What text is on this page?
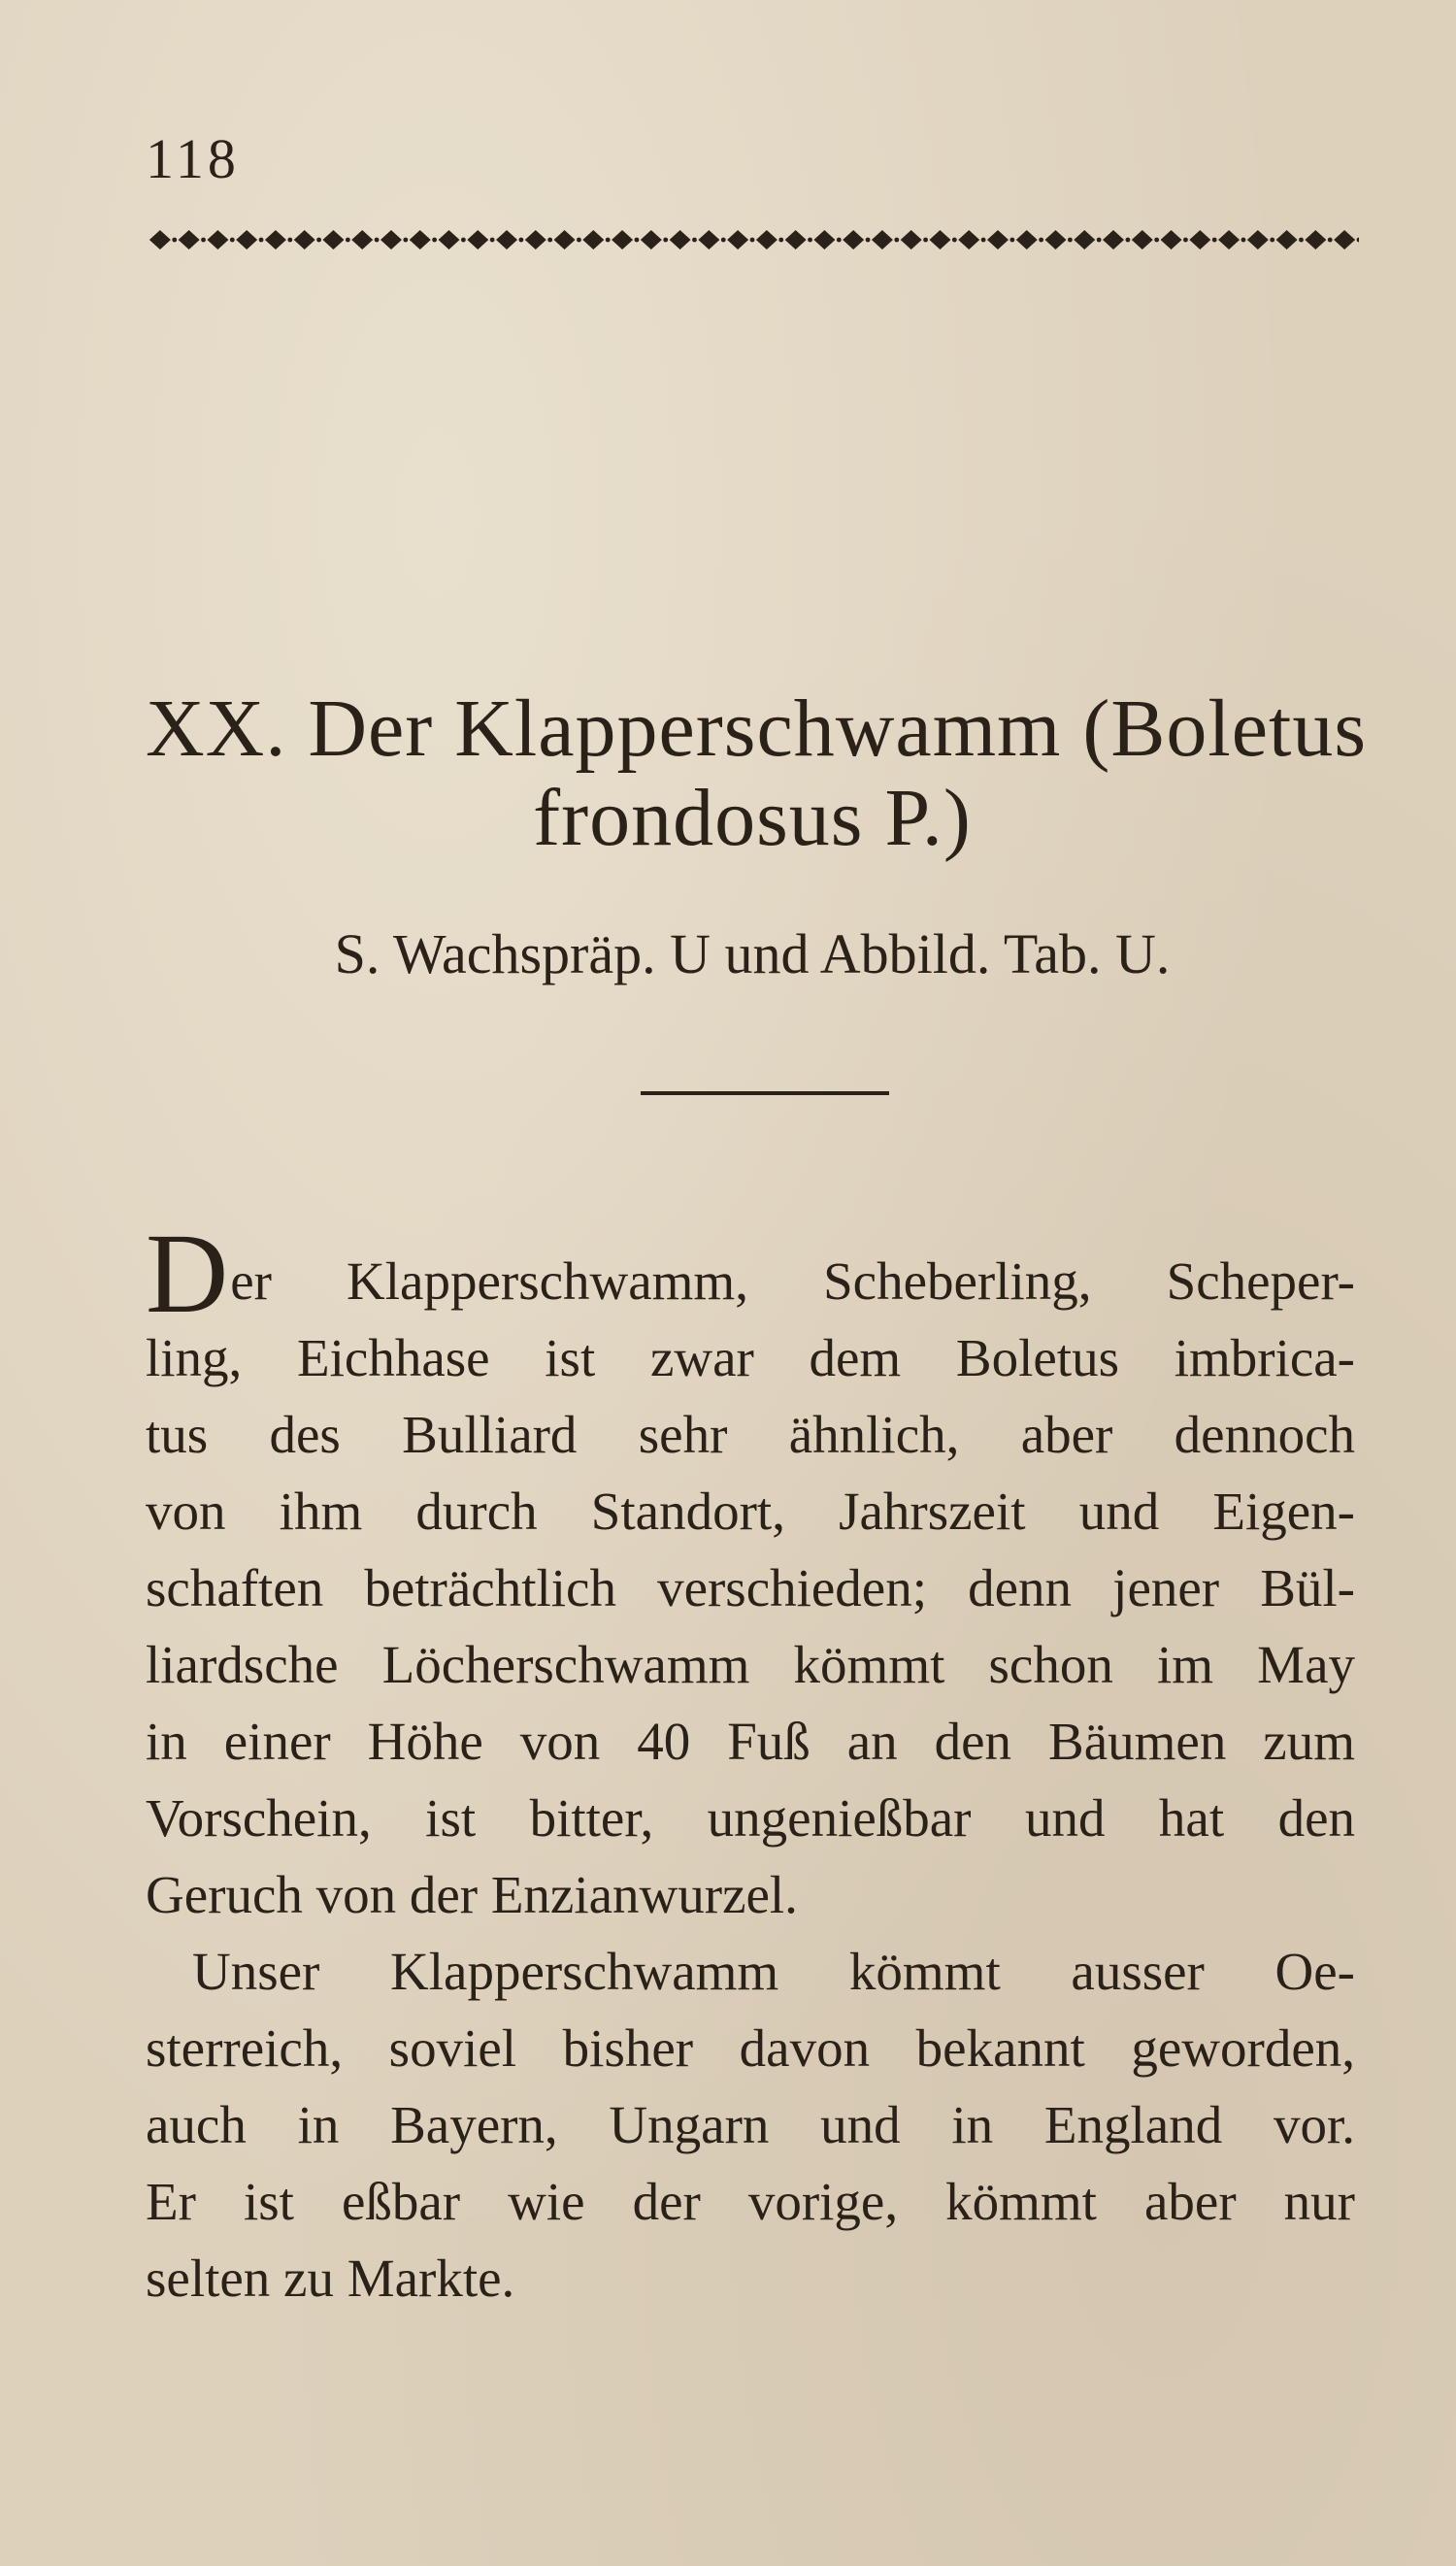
118
XX. Der Klapperschwamm (Boletus
frondosus P.)
S. Wachspräp. U und Abbild. Tab. U.
Der Klapperschwamm, Scheberling, Scheper-
ling, Eichhase ist zwar dem Boletus imbrica-
tus des Bulliard sehr ähnlich, aber dennoch
von ihm durch Standort, Jahrszeit und Eigen-
schaften beträchtlich verschieden; denn jener Bül-
liardsche Löcherschwamm kömmt schon im May
in einer Höhe von 40 Fuß an den Bäumen zum
Vorschein, ist bitter, ungenießbar und hat den
Geruch von der Enzianwurzel.
Unser Klapperschwamm kömmt ausser Oe-
sterreich, soviel bisher davon bekannt geworden,
auch in Bayern, Ungarn und in England vor.
Er ist eßbar wie der vorige, kömmt aber nur
selten zu Markte.
